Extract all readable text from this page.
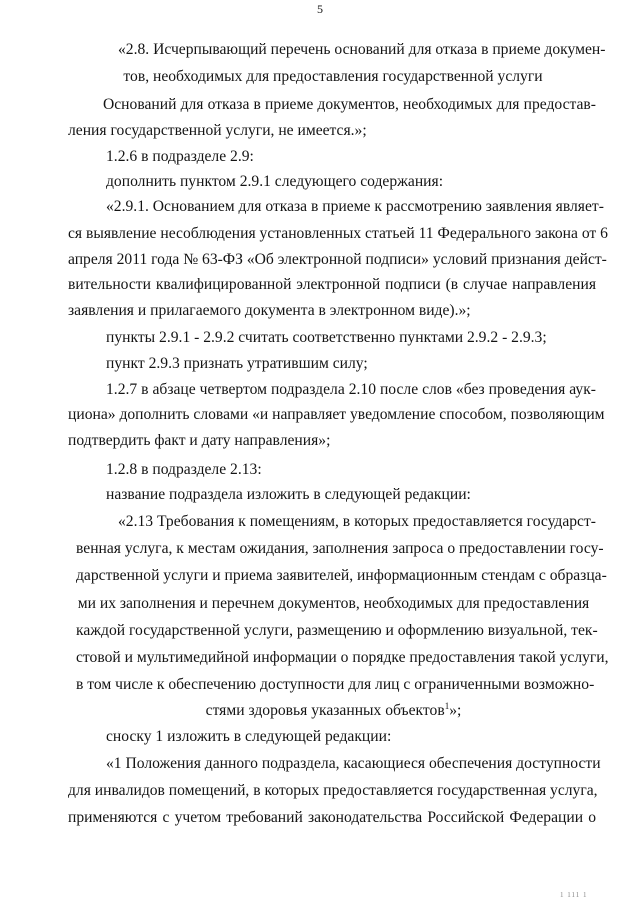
5
«2.8. Исчерпывающий перечень оснований для отказа в приеме докумен-
тов, необходимых для предоставления государственной услуги
Оснований для отказа в приеме документов, необходимых для предостав-
ления государственной услуги, не имеется.»;
1.2.6 в подразделе 2.9:
дополнить пунктом 2.9.1 следующего содержания:
«2.9.1. Основанием для отказа в приеме к рассмотрению заявления являет-
ся выявление несоблюдения установленных статьей 11 Федерального закона от 6
апреля 2011 года № 63-ФЗ «Об электронной подписи» условий признания дейст-
вительности квалифицированной электронной подписи (в случае направления
заявления и прилагаемого документа в электронном виде).»;
пункты 2.9.1 - 2.9.2 считать соответственно пунктами 2.9.2 - 2.9.3;
пункт 2.9.3 признать утратившим силу;
1.2.7 в абзаце четвертом подраздела 2.10 после слов «без проведения аук-
циона» дополнить словами «и направляет уведомление способом, позволяющим
подтвердить факт и дату направления»;
1.2.8 в подразделе 2.13:
название подраздела изложить в следующей редакции:
«2.13 Требования к помещениям, в которых предоставляется государст-
венная услуга, к местам ожидания, заполнения запроса о предоставлении госу-
дарственной услуги и приема заявителей, информационным стендам с образца-
ми их заполнения и перечнем документов, необходимых для предоставления
каждой государственной услуги, размещению и оформлению визуальной, тек-
стовой и мультимедийной информации о порядке предоставления такой услуги,
в том числе к обеспечению доступности для лиц с ограниченными возможно-
стями здоровья указанных объектов$^1$»;
сноску 1 изложить в следующей редакции:
«1 Положения данного подраздела, касающиеся обеспечения доступности
для инвалидов помещений, в которых предоставляется государственная услуга,
применяются с учетом требований законодательства Российской Федерации о
1 111 1
